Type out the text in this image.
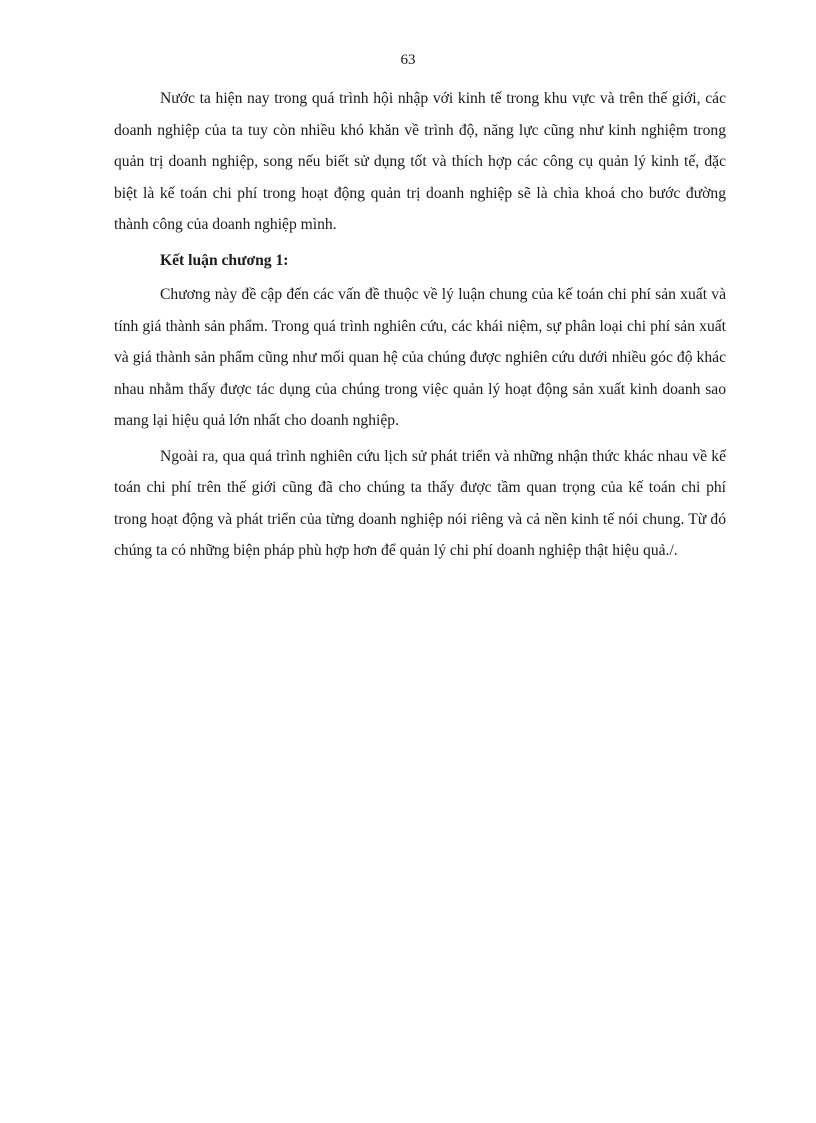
63

Nước ta hiện nay trong quá trình hội nhập với kinh tế trong khu vực và trên thế giới, các doanh nghiệp của ta tuy còn nhiều khó khăn về trình độ, năng lực cũng như kinh nghiệm trong quản trị doanh nghiệp, song nếu biết sử dụng tốt và thích hợp các công cụ quản lý kinh tế, đặc biệt là kế toán chi phí trong hoạt động quản trị doanh nghiệp sẽ là chìa khoá cho bước đường thành công của doanh nghiệp mình.

Kết luận chương 1:

Chương này đề cập đến các vấn đề thuộc về lý luận chung của kế toán chi phí sản xuất và tính giá thành sản phẩm. Trong quá trình nghiên cứu, các khái niệm, sự phân loại chi phí sản xuất và giá thành sản phẩm cũng như mối quan hệ của chúng được nghiên cứu dưới nhiều góc độ khác nhau nhằm thấy được tác dụng của chúng trong việc quản lý hoạt động sản xuất kinh doanh sao mang lại hiệu quả lớn nhất cho doanh nghiệp.

Ngoài ra, qua quá trình nghiên cứu lịch sử phát triển và những nhận thức khác nhau về kế toán chi phí trên thế giới cũng đã cho chúng ta thấy được tầm quan trọng của kế toán chi phí trong hoạt động và phát triển của từng doanh nghiệp nói riêng và cả nền kinh tế nói chung. Từ đó chúng ta có những biện pháp phù hợp hơn để quản lý chi phí doanh nghiệp thật hiệu quả./.
